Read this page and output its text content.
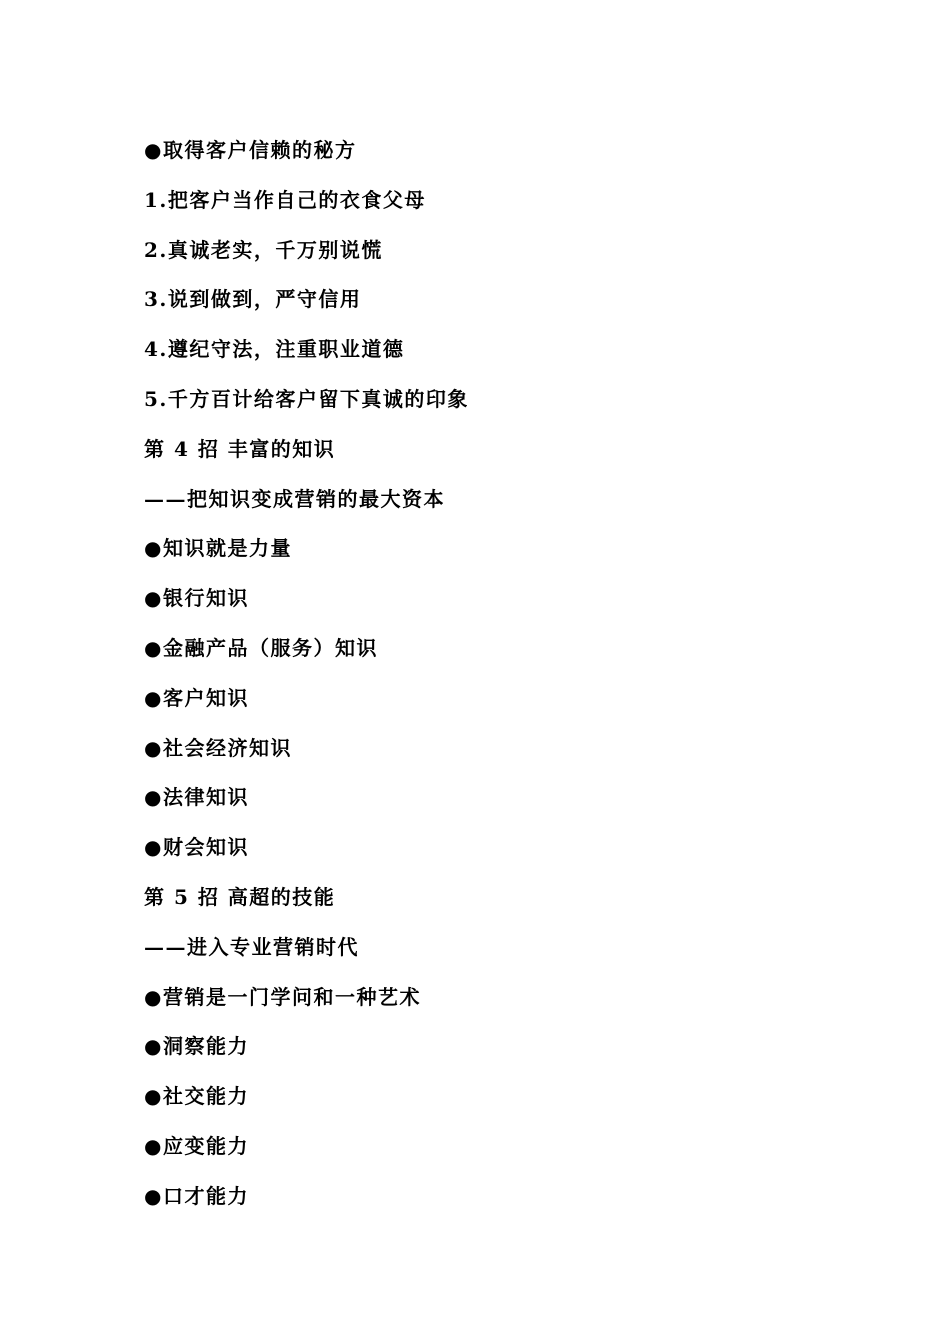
●取得客户信赖的秘方
1.把客户当作自己的衣食父母
2.真诚老实，千万别说慌
3.说到做到，严守信用
4.遵纪守法，注重职业道德
5.千方百计给客户留下真诚的印象
第 4 招 丰富的知识
——把知识变成营销的最大资本
●知识就是力量
●银行知识
●金融产品（服务）知识
●客户知识
●社会经济知识
●法律知识
●财会知识
第 5 招 高超的技能
——进入专业营销时代
●营销是一门学问和一种艺术
●洞察能力
●社交能力
●应变能力
●口才能力
